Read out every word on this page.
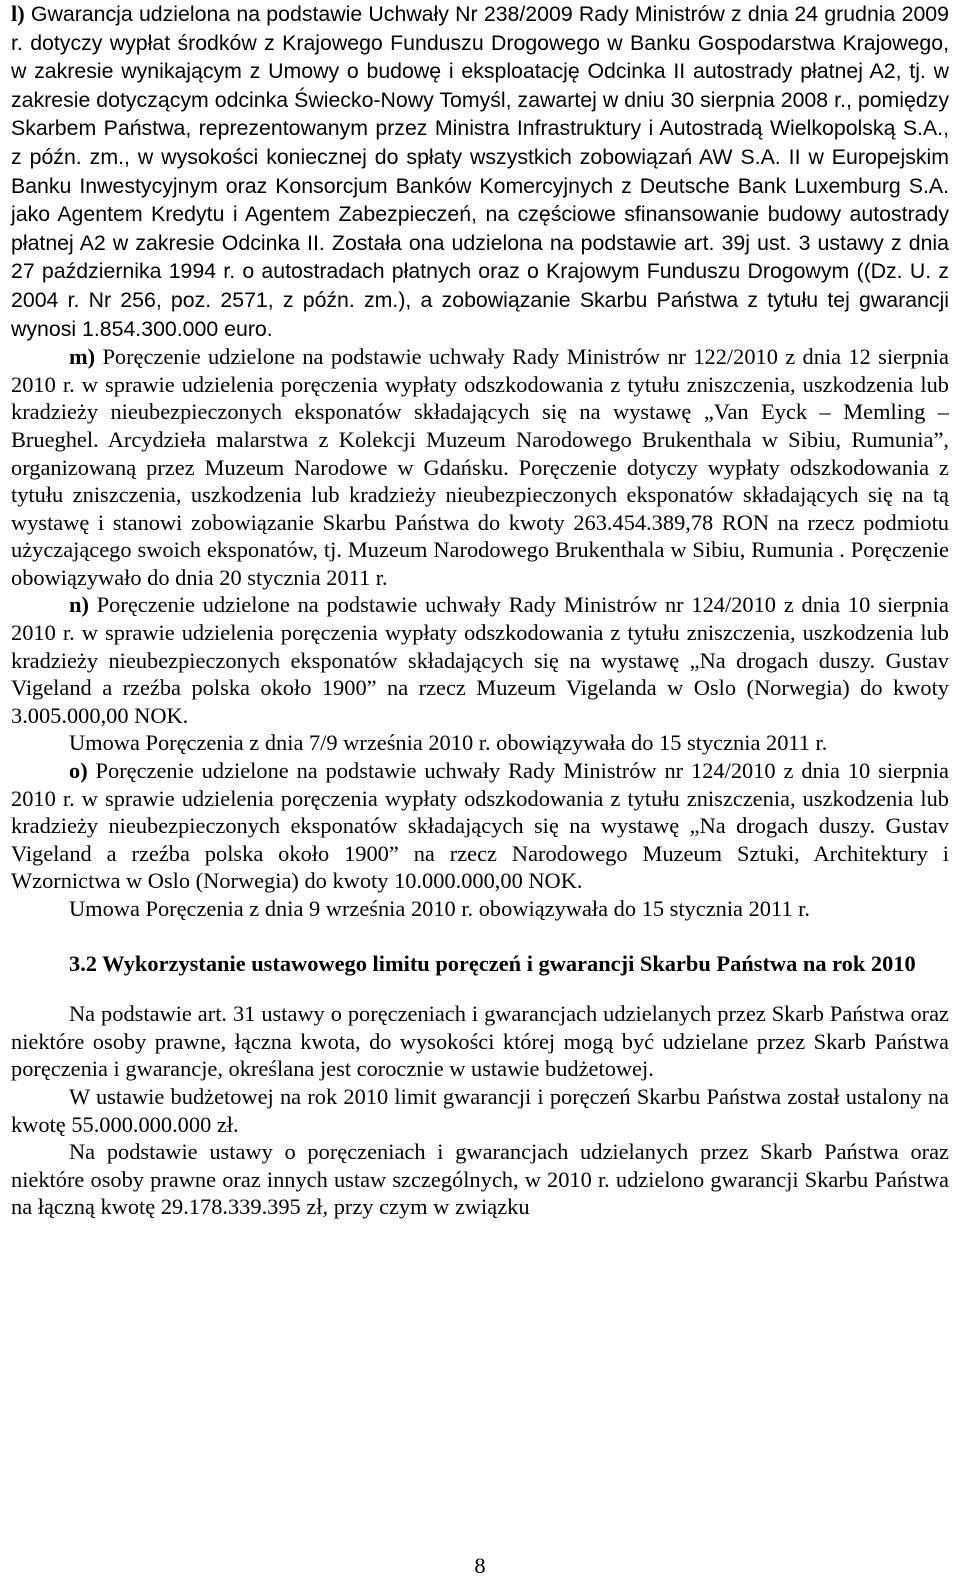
l) Gwarancja udzielona na podstawie Uchwały Nr 238/2009 Rady Ministrów z dnia 24 grudnia 2009 r. dotyczy wypłat środków z Krajowego Funduszu Drogowego w Banku Gospodarstwa Krajowego, w zakresie wynikającym z Umowy o budowę i eksploatację Odcinka II autostrady płatnej A2, tj. w zakresie dotyczącym odcinka Świecko-Nowy Tomyśl, zawartej w dniu 30 sierpnia 2008 r., pomiędzy Skarbem Państwa, reprezentowanym przez Ministra Infrastruktury i Autostradą Wielkopolską S.A., z późn. zm., w wysokości koniecznej do spłaty wszystkich zobowiązań AW S.A. II w Europejskim Banku Inwestycyjnym oraz Konsorcjum Banków Komercyjnych z Deutsche Bank Luxemburg S.A. jako Agentem Kredytu i Agentem Zabezpieczeń, na częściowe sfinansowanie budowy autostrady płatnej A2 w zakresie Odcinka II. Została ona udzielona na podstawie art. 39j ust. 3 ustawy z dnia 27 października 1994 r. o autostradach płatnych oraz o Krajowym Funduszu Drogowym ((Dz. U. z 2004 r. Nr 256, poz. 2571, z późn. zm.), a zobowiązanie Skarbu Państwa z tytułu tej gwarancji wynosi 1.854.300.000 euro.

m) Poręczenie udzielone na podstawie uchwały Rady Ministrów nr 122/2010 z dnia 12 sierpnia 2010 r. w sprawie udzielenia poręczenia wypłaty odszkodowania z tytułu zniszczenia, uszkodzenia lub kradzieży nieubezpieczonych eksponatów składających się na wystawę „Van Eyck – Memling – Brueghel. Arcydzieła malarstwa z Kolekcji Muzeum Narodowego Brukenthala w Sibiu, Rumunia”, organizowaną przez Muzeum Narodowe w Gdańsku. Poręczenie dotyczy wypłaty odszkodowania z tytułu zniszczenia, uszkodzenia lub kradzieży nieubezpieczonych eksponatów składających się na tą wystawę i stanowi zobowiązanie Skarbu Państwa do kwoty 263.454.389,78 RON na rzecz podmiotu użyczającego swoich eksponatów, tj. Muzeum Narodowego Brukenthala w Sibiu, Rumunia . Poręczenie obowiązywało do dnia 20 stycznia 2011 r.

n) Poręczenie udzielone na podstawie uchwały Rady Ministrów nr 124/2010 z dnia 10 sierpnia 2010 r. w sprawie udzielenia poręczenia wypłaty odszkodowania z tytułu zniszczenia, uszkodzenia lub kradzieży nieubezpieczonych eksponatów składających się na wystawę „Na drogach duszy. Gustav Vigeland a rzeźba polska około 1900” na rzecz Muzeum Vigelanda w Oslo (Norwegia) do kwoty 3.005.000,00 NOK.

Umowa Poręczenia z dnia 7/9 września 2010 r. obowiązywała do 15 stycznia 2011 r.

o) Poręczenie udzielone na podstawie uchwały Rady Ministrów nr 124/2010 z dnia 10 sierpnia 2010 r. w sprawie udzielenia poręczenia wypłaty odszkodowania z tytułu zniszczenia, uszkodzenia lub kradzieży nieubezpieczonych eksponatów składających się na wystawę „Na drogach duszy. Gustav Vigeland a rzeźba polska około 1900” na rzecz Narodowego Muzeum Sztuki, Architektury i Wzornictwa w Oslo (Norwegia) do kwoty 10.000.000,00 NOK.

Umowa Poręczenia z dnia 9 września 2010 r. obowiązywała do 15 stycznia 2011 r.

3.2 Wykorzystanie ustawowego limitu poręczeń i gwarancji Skarbu Państwa na rok 2010

Na podstawie art. 31 ustawy o poręczeniach i gwarancjach udzielanych przez Skarb Państwa oraz niektóre osoby prawne, łączna kwota, do wysokości której mogą być udzielane przez Skarb Państwa poręczenia i gwarancje, określana jest corocznie w ustawie budżetowej.

W ustawie budżetowej na rok 2010 limit gwarancji i poręczeń Skarbu Państwa został ustalony na kwotę 55.000.000.000 zł.

Na podstawie ustawy o poręczeniach i gwarancjach udzielanych przez Skarb Państwa oraz niektóre osoby prawne oraz innych ustaw szczególnych, w 2010 r. udzielono gwarancji Skarbu Państwa na łączną kwotę 29.178.339.395 zł, przy czym w związku

8
